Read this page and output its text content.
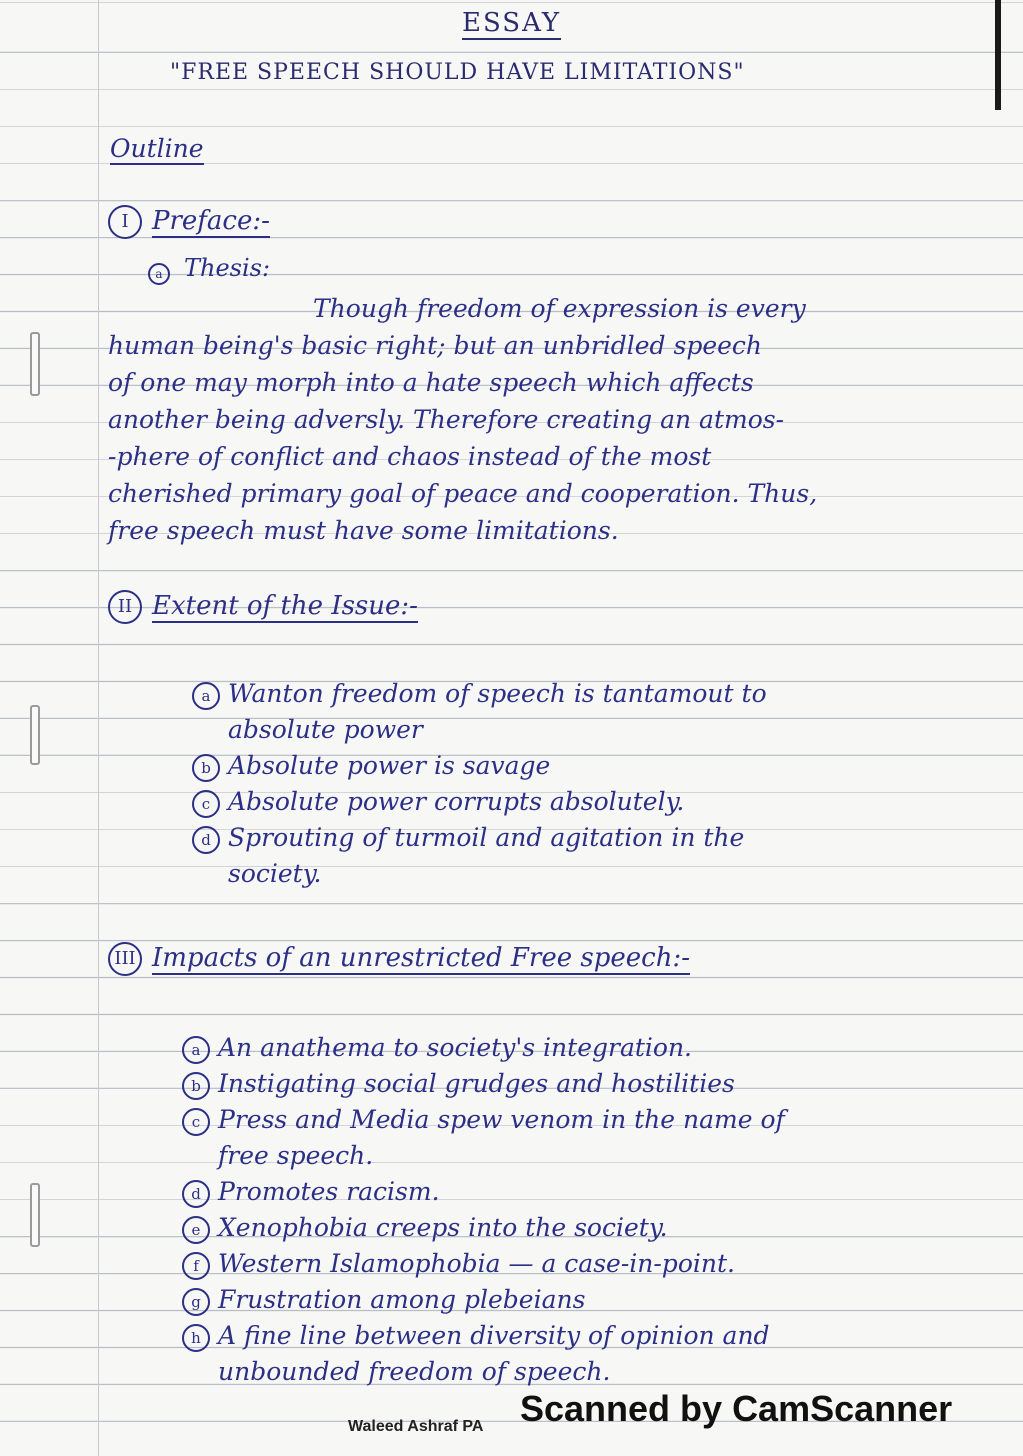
ESSAY
"FREE SPEECH SHOULD HAVE LIMITATIONS"
Outline
I Preface:-
a Thesis:

Though freedom of expression is every

human being's basic right; but an unbridled speech

of one may morph into a hate speech which affects

another being adversly. Therefore creating an atmos-

-phere of conflict and chaos instead of the most

cherished primary goal of peace and cooperation. Thus,

free speech must have some limitations.

II Extent of the Issue:-
a Wanton freedom of speech is tantamout to
absolute power
b Absolute power is savage
c Absolute power corrupts absolutely.
d Sprouting of turmoil and agitation in the
society.
III Impacts of an unrestricted Free speech:-
a An anathema to society's integration.
b Instigating social grudges and hostilities
c Press and Media spew venom in the name of
free speech.
d Promotes racism.
e Xenophobia creeps into the society.
f Western Islamophobia — a case-in-point.
g Frustration among plebeians
h A fine line between diversity of opinion and
unbounded freedom of speech.
Waleed Ashraf PA Scanned by CamScanner
